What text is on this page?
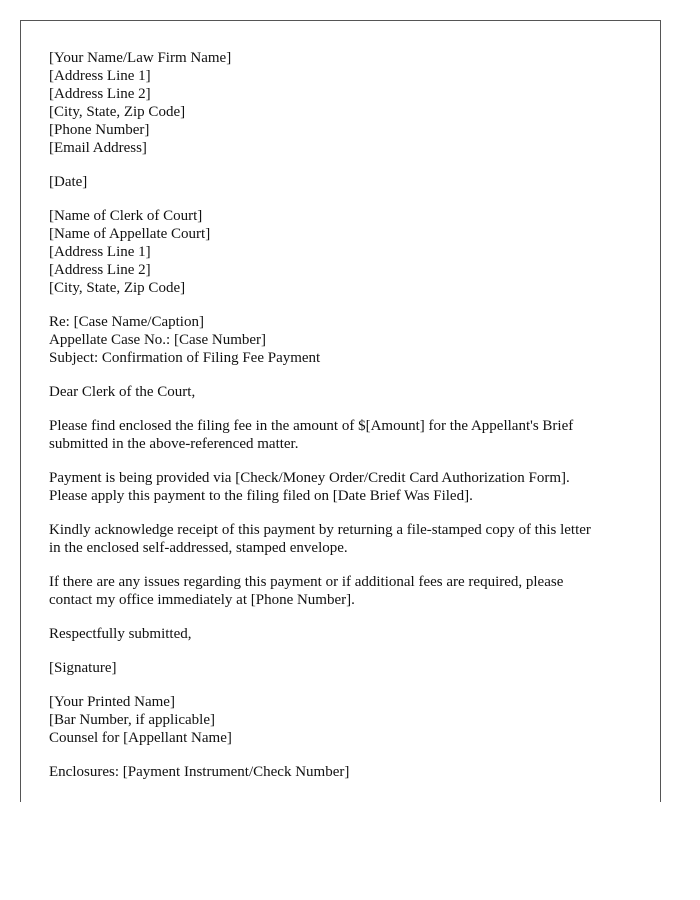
[Your Name/Law Firm Name]
[Address Line 1]
[Address Line 2]
[City, State, Zip Code]
[Phone Number]
[Email Address]
[Date]
[Name of Clerk of Court]
[Name of Appellate Court]
[Address Line 1]
[Address Line 2]
[City, State, Zip Code]
Re: [Case Name/Caption]
Appellate Case No.: [Case Number]
Subject: Confirmation of Filing Fee Payment
Dear Clerk of the Court,
Please find enclosed the filing fee in the amount of $[Amount] for the Appellant's Brief
submitted in the above-referenced matter.
Payment is being provided via [Check/Money Order/Credit Card Authorization Form].
Please apply this payment to the filing filed on [Date Brief Was Filed].
Kindly acknowledge receipt of this payment by returning a file-stamped copy of this letter
in the enclosed self-addressed, stamped envelope.
If there are any issues regarding this payment or if additional fees are required, please
contact my office immediately at [Phone Number].
Respectfully submitted,
[Signature]
[Your Printed Name]
[Bar Number, if applicable]
Counsel for [Appellant Name]
Enclosures: [Payment Instrument/Check Number]
